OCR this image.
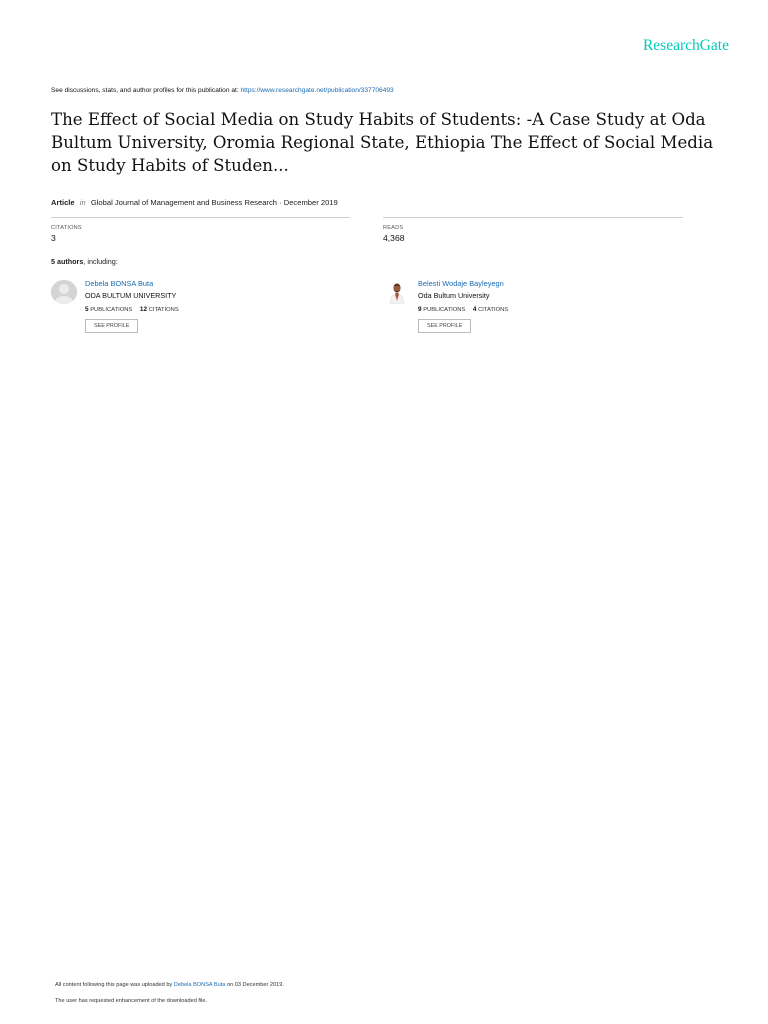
ResearchGate
See discussions, stats, and author profiles for this publication at: https://www.researchgate.net/publication/337706493
The Effect of Social Media on Study Habits of Students: -A Case Study at Oda Bultum University, Oromia Regional State, Ethiopia The Effect of Social Media on Study Habits of Studen...
Article in Global Journal of Management and Business Research · December 2019
CITATIONS
3
READS
4,368
5 authors, including:
Debela BONSA Buta
ODA BULTUM UNIVERSITY
5 PUBLICATIONS 12 CITATIONS
SEE PROFILE
Belesti Wodaje Bayleyegn
Oda Bultum University
9 PUBLICATIONS 4 CITATIONS
SEE PROFILE
All content following this page was uploaded by Debela BONSA Buta on 03 December 2019.
The user has requested enhancement of the downloaded file.
